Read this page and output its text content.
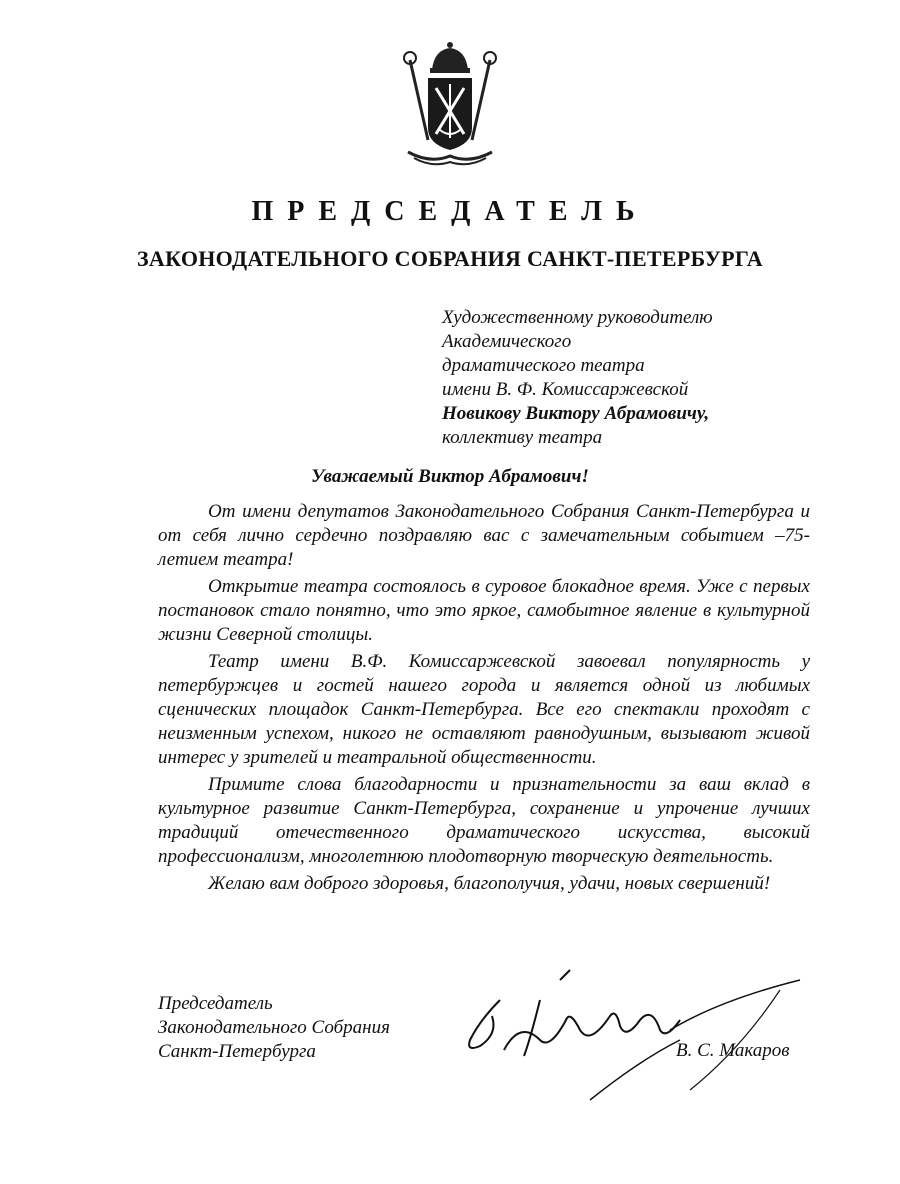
ПРЕДСЕДАТЕЛЬ
ЗАКОНОДАТЕЛЬНОГО СОБРАНИЯ САНКТ-ПЕТЕРБУРГА
Художественному руководителю
Академического
драматического театра
имени В. Ф. Комиссаржевской
Новикову Виктору Абрамовичу,
коллективу театра
Уважаемый Виктор Абрамович!

От имени депутатов Законодательного Собрания Санкт-Петербурга и от себя лично сердечно поздравляю вас с замечательным событием –75-летием театра!

Открытие театра состоялось в суровое блокадное время. Уже с первых постановок стало понятно, что это яркое, самобытное явление в культурной жизни Северной столицы.

Театр имени В.Ф. Комиссаржевской завоевал популярность у петербуржцев и гостей нашего города и является одной из любимых сценических площадок Санкт-Петербурга. Все его спектакли проходят с неизменным успехом, никого не оставляют равнодушным, вызывают живой интерес у зрителей и театральной общественности.

Примите слова благодарности и признательности за ваш вклад в культурное развитие Санкт-Петербурга, сохранение и упрочение лучших традиций отечественного драматического искусства, высокий профессионализм, многолетнюю плодотворную творческую деятельность.

Желаю вам доброго здоровья, благополучия, удачи, новых свершений!

Председатель
Законодательного Собрания
Санкт-Петербурга	В. С. Макаров
